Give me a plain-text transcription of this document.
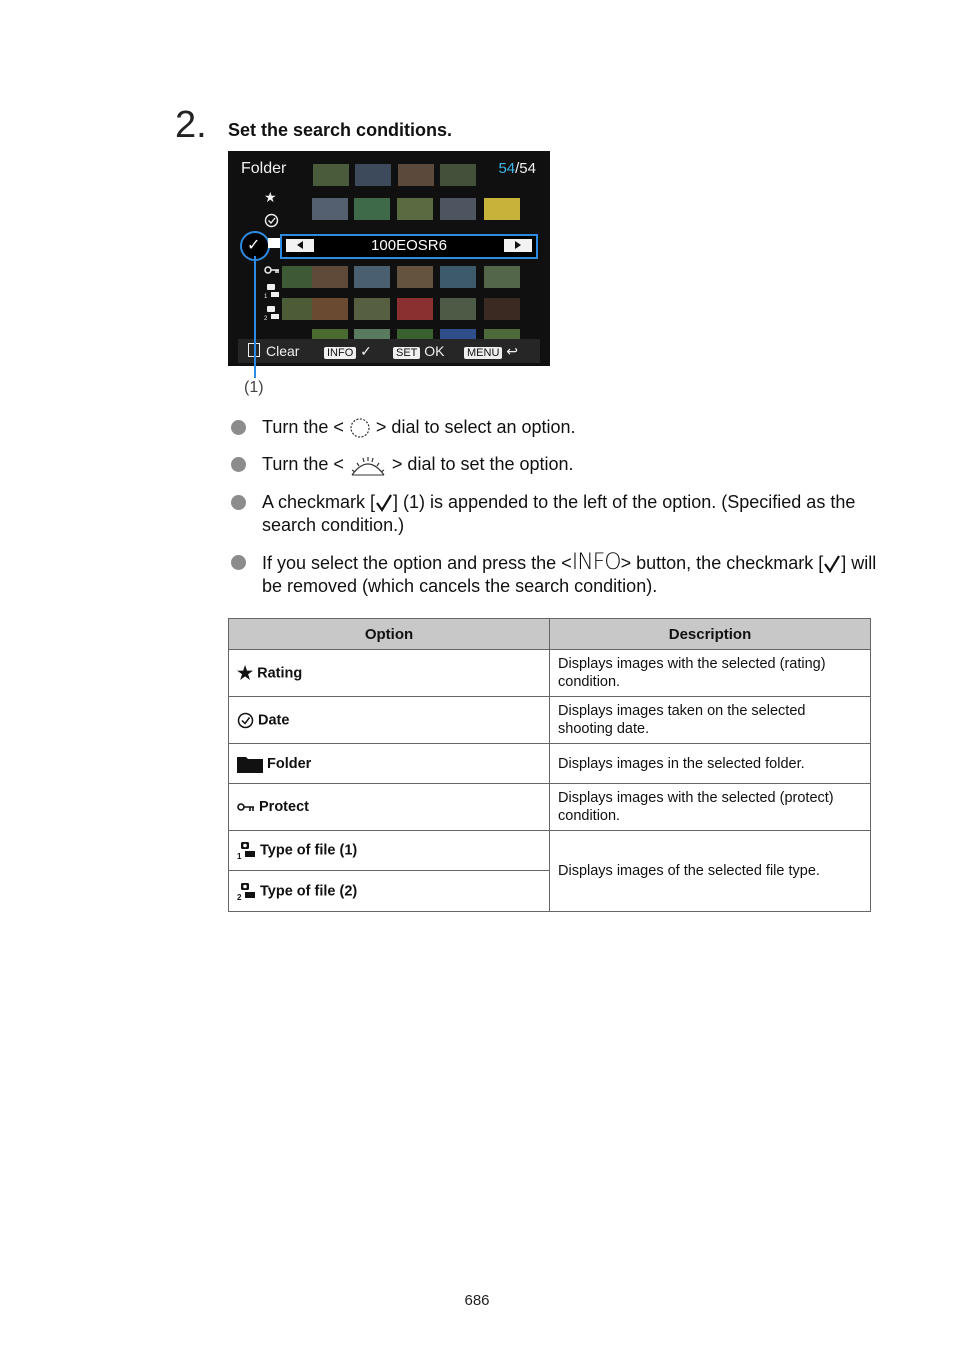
2. Set the search conditions.
Folder	54/54
★
1
2
✓	100EOSR6
Clear	INFO ✓ SET OK MENU ↩
(1)
Turn the < > dial to select an option.
Turn the <	> dial to set the option.
A checkmark [ ] (1) is appended to the left of the option. (Specified as the search condition.)
If you select the option and press the <INFO> button, the checkmark [ ] will be removed (which cancels the search condition).
Option	Description
★ Rating	Displays images with the selected (rating) condition.
Date	Displays images taken on the selected shooting date.
Folder	Displays images in the selected folder.
Protect	Displays images with the selected (protect) condition.

1 Type of file (1)	Displays images of the selected file type.

2 Type of file (2)	
686
